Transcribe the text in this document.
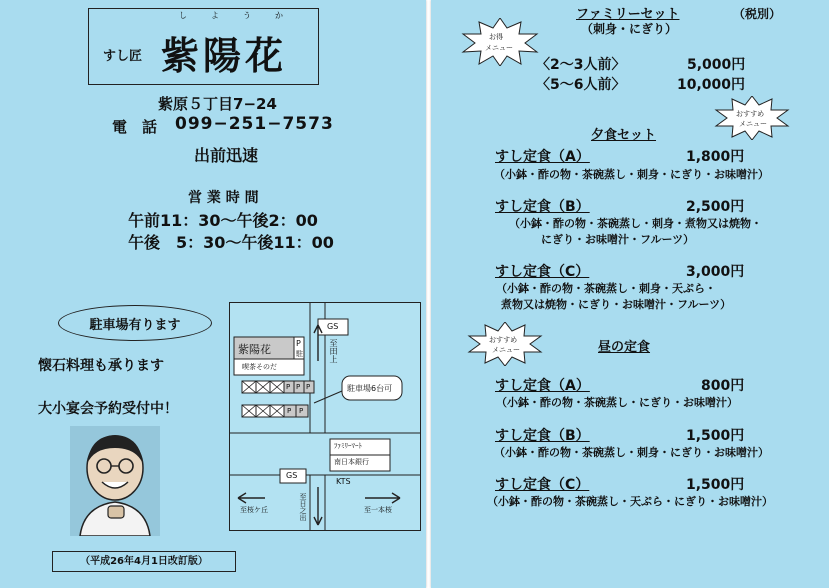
し	よ	う	か
すし匠 紫陽花
紫原５丁目7−24
電　話 099−251−7573
出前迅速
営 業 時 間
午前11：30〜午後2：00
午後　5：30〜午後11：00
駐車場有ります
懐石料理も承ります
大小宴会予約受付中！
紫陽花	P
駐
喫茶そのだ
GS
至田上
P P P
P P
駐車場6台可
ﾌｧﾐﾘｰﾏｰﾄ
南日本銀行
GS
KTS
至桜ケ丘	至一本桜
至日之出
（平成26年4月1日改訂版）
ファミリーセット	（税別）
（刺身・にぎり）
お得
メニュー
〈2〜3人前〉	5,000円
〈5〜6人前〉	10,000円
おすすめ
メニュー
夕食セット
すし定食（A）	1,800円
（小鉢・酢の物・茶碗蒸し・刺身・にぎり・お味噌汁）
すし定食（B）	2,500円
（小鉢・酢の物・茶碗蒸し・刺身・煮物又は焼物・
にぎり・お味噌汁・フルーツ）
すし定食（C）	3,000円
（小鉢・酢の物・茶碗蒸し・刺身・天ぷら・
煮物又は焼物・にぎり・お味噌汁・フルーツ）
おすすめ
メニュー	昼の定食
すし定食（A）	800円
（小鉢・酢の物・茶碗蒸し・にぎり・お味噌汁）
すし定食（B）	1,500円
（小鉢・酢の物・茶碗蒸し・刺身・にぎり・お味噌汁）
すし定食（C）	1,500円
（小鉢・酢の物・茶碗蒸し・天ぷら・にぎり・お味噌汁）
